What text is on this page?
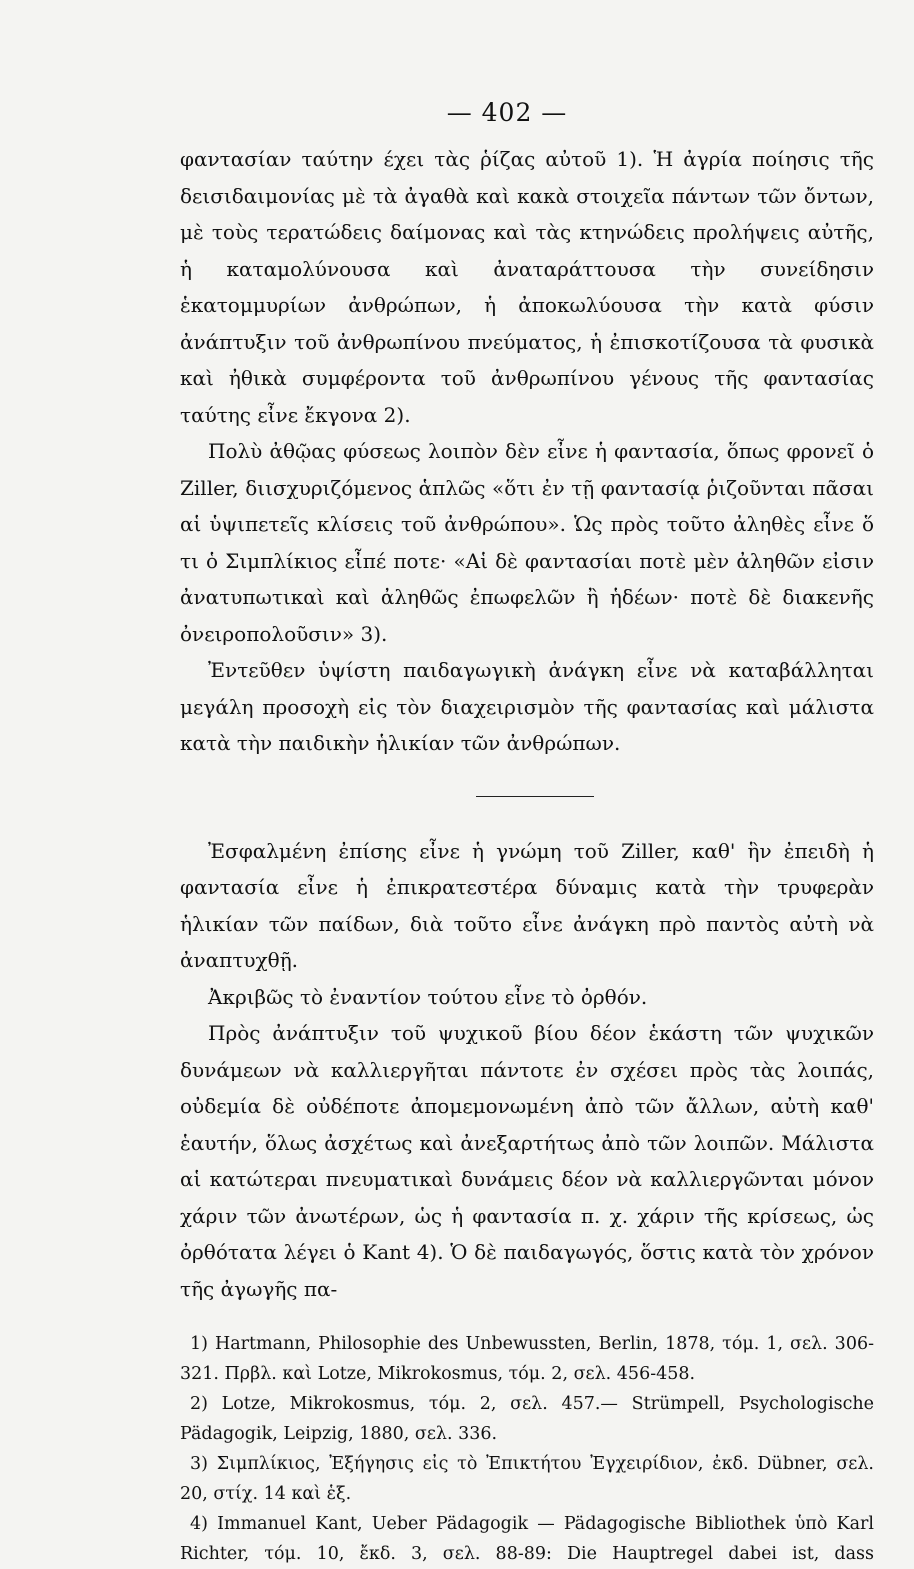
— 402 —

φαντασίαν ταύτην έχει τὰς ῥίζας αὐτοῦ 1). Ἡ ἀγρία ποίησις τῆς δεισιδαιμονίας μὲ τὰ ἀγαθὰ καὶ κακὰ στοιχεῖα πάντων τῶν ὄντων, μὲ τοὺς τερατώδεις δαίμονας καὶ τὰς κτηνώδεις προλήψεις αὐτῆς, ἡ καταμολύνουσα καὶ ἀναταράττουσα τὴν συνείδησιν ἑκατομμυρίων ἀνθρώπων, ἡ ἀποκωλύουσα τὴν κατὰ φύσιν ἀνάπτυξιν τοῦ ἀνθρωπίνου πνεύματος, ἡ ἐπισκοτίζουσα τὰ φυσικὰ καὶ ἠθικὰ συμφέροντα τοῦ ἀνθρωπίνου γένους τῆς φαντασίας ταύτης εἶνε ἔκγονα 2).

Πολὺ ἀθῷας φύσεως λοιπὸν δὲν εἶνε ἡ φαντασία, ὅπως φρονεῖ ὁ Ziller, διισχυριζόμενος ἁπλῶς «ὅτι ἐν τῇ φαντασίᾳ ῥιζοῦνται πᾶσαι αἱ ὑψιπετεῖς κλίσεις τοῦ ἀνθρώπου». Ὡς πρὸς τοῦτο ἀληθὲς εἶνε ὅ τι ὁ Σιμπλίκιος εἶπέ ποτε· «Αἱ δὲ φαντασίαι ποτὲ μὲν ἀληθῶν εἰσιν ἀνατυπωτικαὶ καὶ ἀληθῶς ἐπωφελῶν ἢ ἡδέων· ποτὲ δὲ διακενῆς ὀνειροπολοῦσιν» 3).

Ἐντεῦθεν ὑψίστη παιδαγωγικὴ ἀνάγκη εἶνε νὰ καταβάλληται μεγάλη προσοχὴ εἰς τὸν διαχειρισμὸν τῆς φαντασίας καὶ μάλιστα κατὰ τὴν παιδικὴν ἡλικίαν τῶν ἀνθρώπων.

Ἐσφαλμένη ἐπίσης εἶνε ἡ γνώμη τοῦ Ziller, καθ' ἣν ἐπειδὴ ἡ φαντασία εἶνε ἡ ἐπικρατεστέρα δύναμις κατὰ τὴν τρυφερὰν ἡλικίαν τῶν παίδων, διὰ τοῦτο εἶνε ἀνάγκη πρὸ παντὸς αὐτὴ νὰ ἀναπτυχθῇ.

Ἀκριβῶς τὸ ἐναντίον τούτου εἶνε τὸ ὀρθόν.

Πρὸς ἀνάπτυξιν τοῦ ψυχικοῦ βίου δέον ἑκάστη τῶν ψυχικῶν δυνάμεων νὰ καλλιεργῆται πάντοτε ἐν σχέσει πρὸς τὰς λοιπάς, οὐδεμία δὲ οὐδέποτε ἀπομεμονωμένη ἀπὸ τῶν ἄλλων, αὐτὴ καθ' ἑαυτήν, ὅλως ἀσχέτως καὶ ἀνεξαρτήτως ἀπὸ τῶν λοιπῶν. Μάλιστα αἱ κατώτεραι πνευματικαὶ δυνάμεις δέον νὰ καλλιεργῶνται μόνον χάριν τῶν ἀνωτέρων, ὡς ἡ φαντασία π. χ. χάριν τῆς κρίσεως, ὡς ὀρθότατα λέγει ὁ Kant 4). Ὁ δὲ παιδαγωγός, ὅστις κατὰ τὸν χρόνον τῆς ἀγωγῆς πα-

1) Hartmann, Philosophie des Unbewussten, Berlin, 1878, τόμ. 1, σελ. 306-321. Πρβλ. καὶ Lotze, Mikrokosmus, τόμ. 2, σελ. 456-458.

2) Lotze, Mikrokosmus, τόμ. 2, σελ. 457.— Strümpell, Psychologische Pädagogik, Leipzig, 1880, σελ. 336.

3) Σιμπλίκιος, Ἐξήγησις εἰς τὸ Ἐπικτήτου Ἐγχειρίδιον, ἐκδ. Dübner, σελ. 20, στίχ. 14 καὶ ἑξ.

4) Immanuel Kant, Ueber Pädagogik — Pädagogische Bibliothek ὑπὸ Karl Richter, τόμ. 10, ἔκδ. 3, σελ. 88-89: Die Hauptregel dabei ist, dass
